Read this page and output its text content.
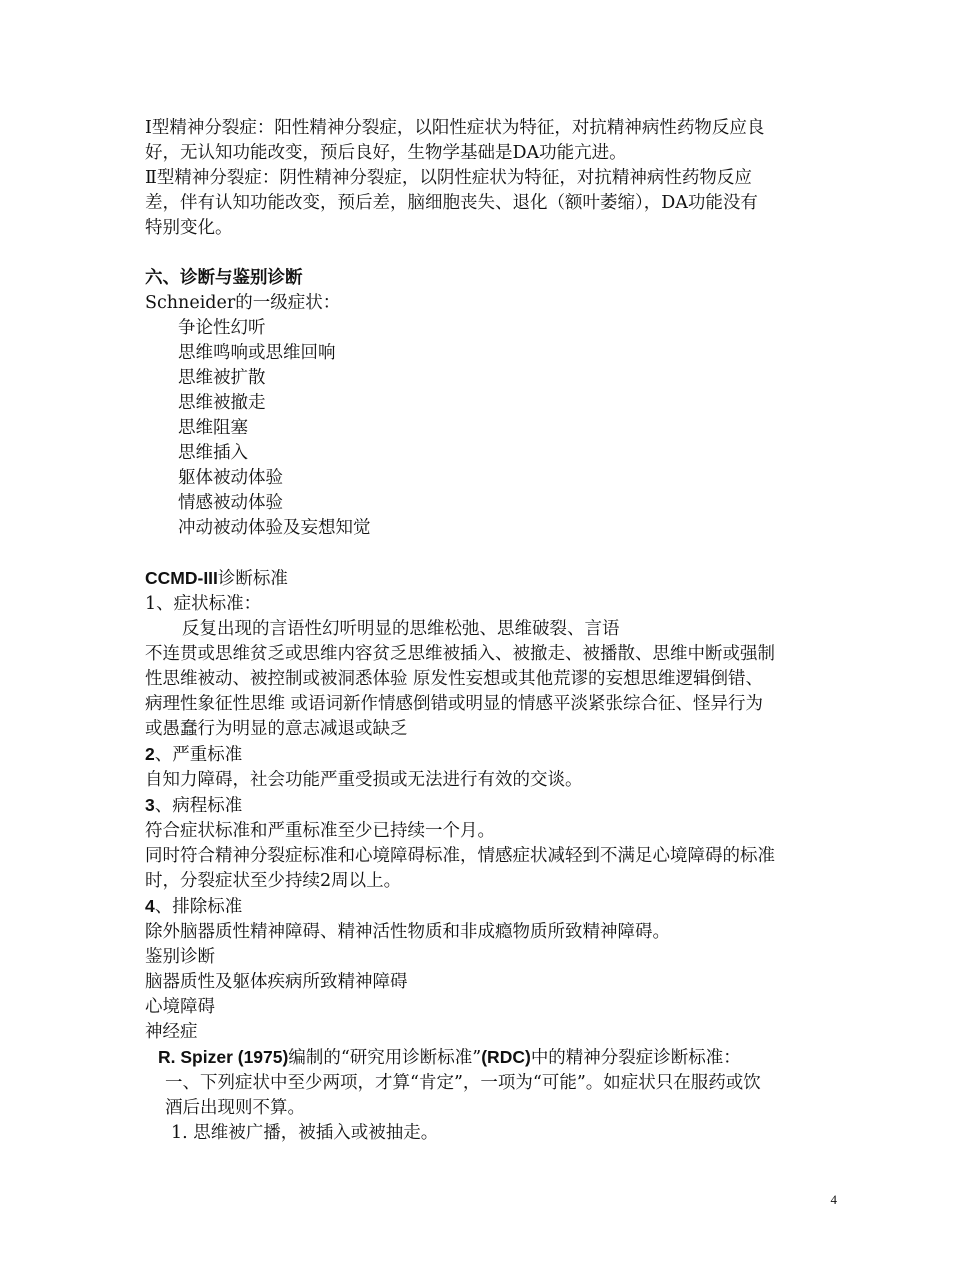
Ⅰ型精神分裂症：阳性精神分裂症，以阳性症状为特征，对抗精神病性药物反应良
好，无认知功能改变，预后良好，生物学基础是DA功能亢进。
Ⅱ型精神分裂症：阴性精神分裂症，以阴性症状为特征，对抗精神病性药物反应
差，伴有认知功能改变，预后差，脑细胞丧失、退化（额叶萎缩），DA功能没有
特别变化。
六、诊断与鉴别诊断
Schneider的一级症状：
争论性幻听
思维鸣响或思维回响
思维被扩散
思维被撤走
思维阻塞
思维插入
躯体被动体验
情感被动体验
冲动被动体验及妄想知觉
CCMD-III诊断标准
1、症状标准：
反复出现的言语性幻听明显的思维松弛、思维破裂、言语
不连贯或思维贫乏或思维内容贫乏思维被插入、被撤走、被播散、思维中断或强制
性思维被动、被控制或被洞悉体验 原发性妄想或其他荒谬的妄想思维逻辑倒错、
病理性象征性思维 或语词新作情感倒错或明显的情感平淡紧张综合征、怪异行为
或愚蠢行为明显的意志减退或缺乏
2、严重标准
自知力障碍，社会功能严重受损或无法进行有效的交谈。
3、病程标准
符合症状标准和严重标准至少已持续一个月。
同时符合精神分裂症标准和心境障碍标准，情感症状减轻到不满足心境障碍的标准
时，分裂症状至少持续2周以上。
4、排除标准
除外脑器质性精神障碍、精神活性物质和非成瘾物质所致精神障碍。
鉴别诊断
脑器质性及躯体疾病所致精神障碍
心境障碍
神经症
R. Spizer (1975)编制的“研究用诊断标准”(RDC)中的精神分裂症诊断标准：
一、下列症状中至少两项，才算“肯定”，一项为“可能”。如症状只在服药或饮
酒后出现则不算。
1. 思维被广播，被插入或被抽走。
4
